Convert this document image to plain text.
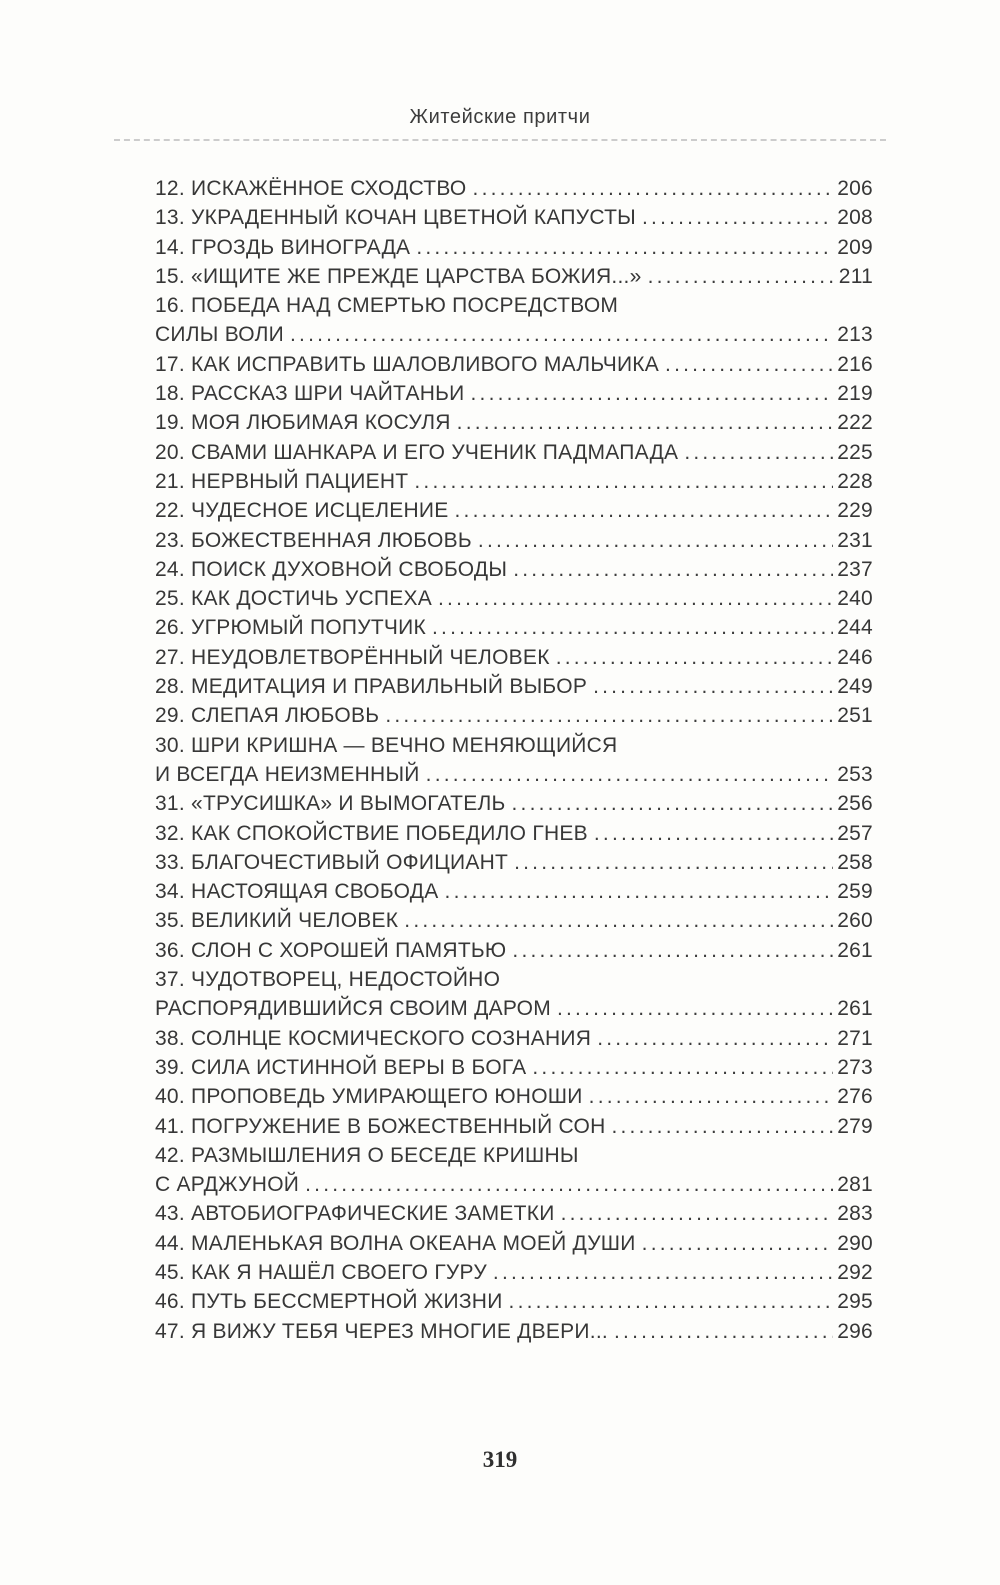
Житейские притчи
12. ИСКАЖЁННОЕ СХОДСТВО .....	206
13. УКРАДЕННЫЙ КОЧАН ЦВЕТНОЙ КАПУСТЫ .....	208
14. ГРОЗДЬ ВИНОГРАДА .....	209
15. «ИЩИТЕ ЖЕ ПРЕЖДЕ ЦАРСТВА БОЖИЯ...» .....	211
16. ПОБЕДА НАД СМЕРТЬЮ ПОСРЕДСТВОМ
СИЛЫ ВОЛИ .....	213
17. КАК ИСПРАВИТЬ ШАЛОВЛИВОГО МАЛЬЧИКА .....	216
18. РАССКАЗ ШРИ ЧАЙТАНЬИ .....	219
19. МОЯ ЛЮБИМАЯ КОСУЛЯ .....	222
20. СВАМИ ШАНКАРА И ЕГО УЧЕНИК ПАДМАПАДА .....	225
21. НЕРВНЫЙ ПАЦИЕНТ .....	228
22. ЧУДЕСНОЕ ИСЦЕЛЕНИЕ .....	229
23. БОЖЕСТВЕННАЯ ЛЮБОВЬ .....	231
24. ПОИСК ДУХОВНОЙ СВОБОДЫ .....	237
25. КАК ДОСТИЧЬ УСПЕХА .....	240
26. УГРЮМЫЙ ПОПУТЧИК .....	244
27. НЕУДОВЛЕТВОРЁННЫЙ ЧЕЛОВЕК .....	246
28. МЕДИТАЦИЯ И ПРАВИЛЬНЫЙ ВЫБОР .....	249
29. СЛЕПАЯ ЛЮБОВЬ .....	251
30. ШРИ КРИШНА — ВЕЧНО МЕНЯЮЩИЙСЯ
И ВСЕГДА НЕИЗМЕННЫЙ .....	253
31. «ТРУСИШКА» И ВЫМОГАТЕЛЬ .....	256
32. КАК СПОКОЙСТВИЕ ПОБЕДИЛО ГНЕВ .....	257
33. БЛАГОЧЕСТИВЫЙ ОФИЦИАНТ .....	258
34. НАСТОЯЩАЯ СВОБОДА .....	259
35. ВЕЛИКИЙ ЧЕЛОВЕК .....	260
36. СЛОН С ХОРОШЕЙ ПАМЯТЬЮ .....	261
37. ЧУДОТВОРЕЦ, НЕДОСТОЙНО
РАСПОРЯДИВШИЙСЯ СВОИМ ДАРОМ .....	261
38. СОЛНЦЕ КОСМИЧЕСКОГО СОЗНАНИЯ .....	271
39. СИЛА ИСТИННОЙ ВЕРЫ В БОГА .....	273
40. ПРОПОВЕДЬ УМИРАЮЩЕГО ЮНОШИ .....	276
41. ПОГРУЖЕНИЕ В БОЖЕСТВЕННЫЙ СОН .....	279
42. РАЗМЫШЛЕНИЯ О БЕСЕДЕ КРИШНЫ
С АРДЖУНОЙ .....	281
43. АВТОБИОГРАФИЧЕСКИЕ ЗАМЕТКИ .....	283
44. МАЛЕНЬКАЯ ВОЛНА ОКЕАНА МОЕЙ ДУШИ .....	290
45. КАК Я НАШЁЛ СВОЕГО ГУРУ .....	292
46. ПУТЬ БЕССМЕРТНОЙ ЖИЗНИ .....	295
47. Я ВИЖУ ТЕБЯ ЧЕРЕЗ МНОГИЕ ДВЕРИ... .....	296
319
